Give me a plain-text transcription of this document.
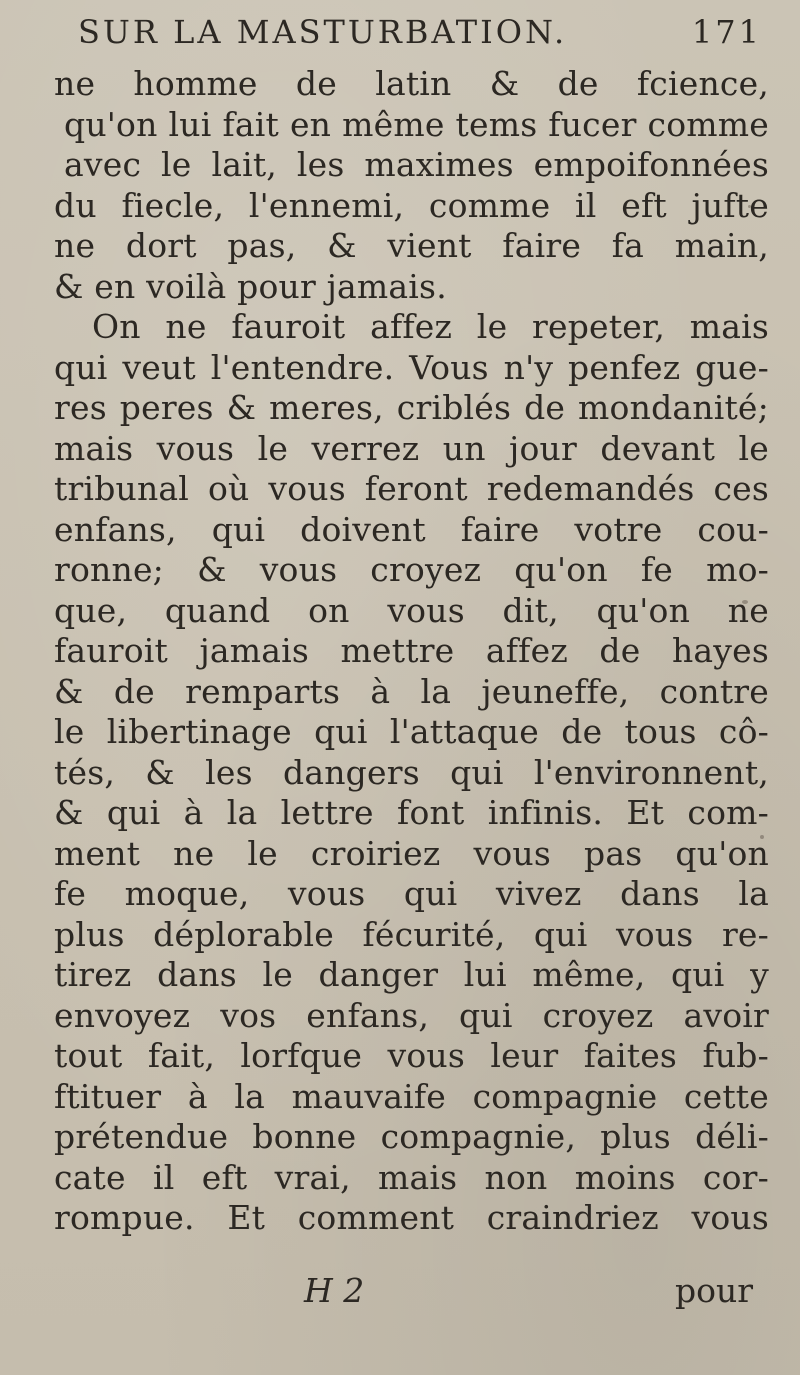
SUR LA MASTURBATION.	171
ne homme de latin & de fcience,
qu'on lui fait en même tems fucer comme
avec le lait, les maximes empoifonnées
du fiecle, l'ennemi, comme il eft jufte
ne dort pas, & vient faire fa main,
& en voilà pour jamais.
On ne fauroit affez le repeter, mais
qui veut l'entendre. Vous n'y penfez gue-
res peres & meres, criblés de mondanité;
mais vous le verrez un jour devant le
tribunal où vous feront redemandés ces
enfans, qui doivent faire votre cou-
ronne; & vous croyez qu'on fe mo-
que, quand on vous dit, qu'on ne
fauroit jamais mettre affez de hayes
& de remparts à la jeuneffe, contre
le libertinage qui l'attaque de tous cô-
tés, & les dangers qui l'environnent,
& qui à la lettre font infinis. Et com-
ment ne le croiriez vous pas qu'on
fe moque, vous qui vivez dans la
plus déplorable fécurité, qui vous re-
tirez dans le danger lui même, qui y
envoyez vos enfans, qui croyez avoir
tout fait, lorfque vous leur faites fub-
ftituer à la mauvaife compagnie cette
prétendue bonne compagnie, plus déli-
cate il eft vrai, mais non moins cor-
rompue. Et comment craindriez vous
H 2	pour
